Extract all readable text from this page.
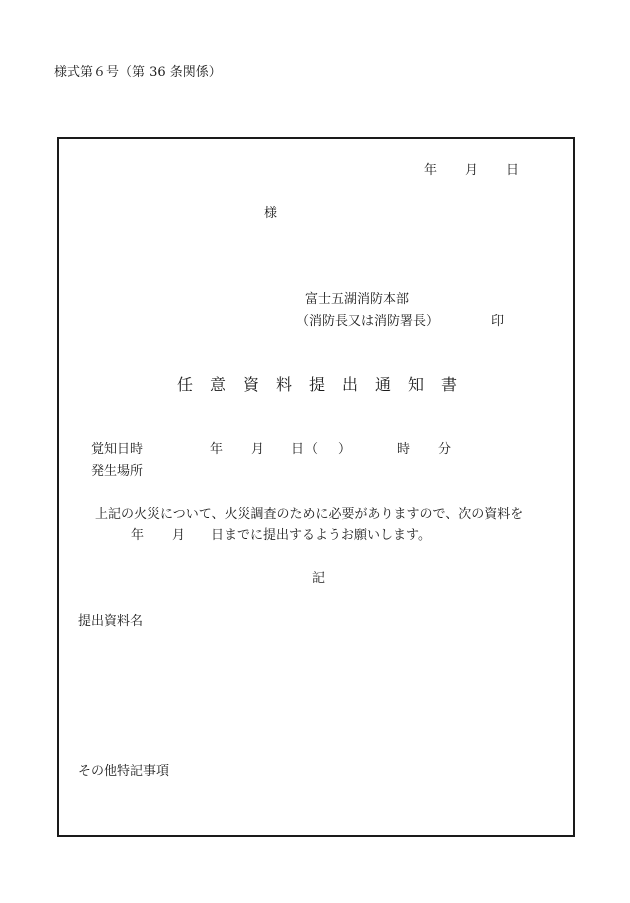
様式第６号（第 36 条関係）
年 月 日
様
富士五湖消防本部
（消防長又は消防署長）	印
任 意 資 料 提 出 通 知 書
覚知日時	年 月 日 （ ）	時 分
発生場所
上記の火災について、火災調査のために必要がありますので、次の資料を
年 月 日までに提出するようお願いします。
記
提出資料名
その他特記事項
